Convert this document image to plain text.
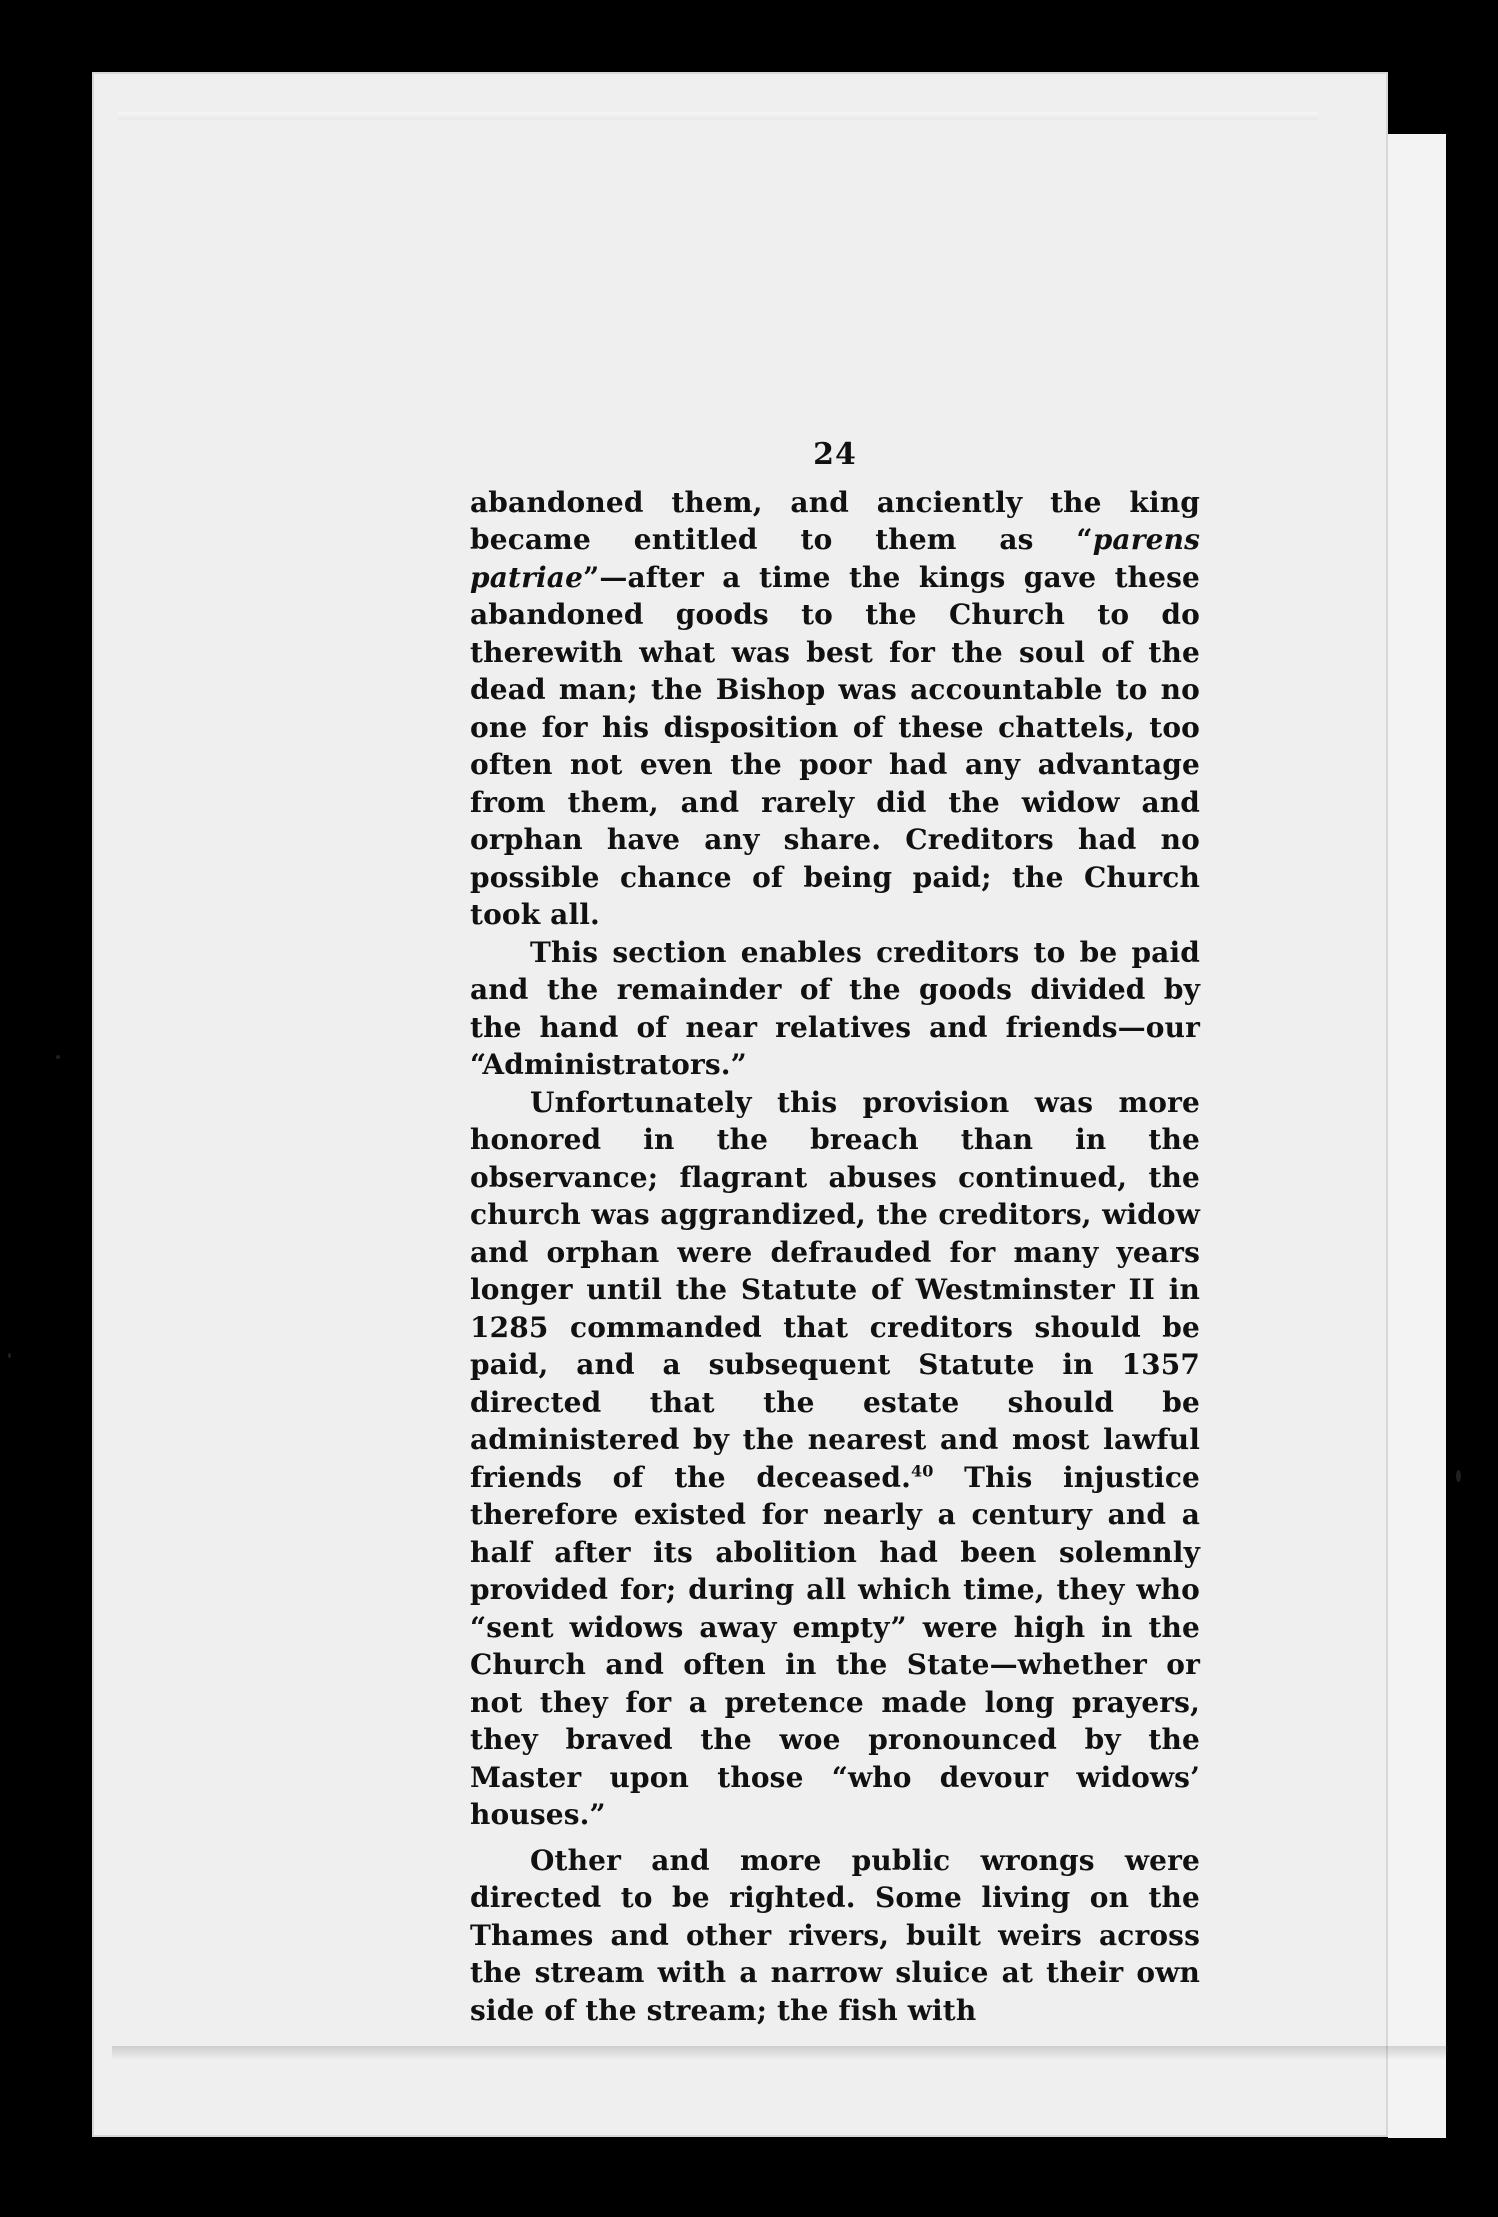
24

abandoned them, and anciently the king became entitled to them as “parens patriae”—after a time the kings gave these abandoned goods to the Church to do therewith what was best for the soul of the dead man; the Bishop was accountable to no one for his disposition of these chattels, too often not even the poor had any advantage from them, and rarely did the widow and orphan have any share. Creditors had no possible chance of being paid; the Church took all.

This section enables creditors to be paid and the remainder of the goods divided by the hand of near relatives and friends—our “Administrators.”

Unfortunately this provision was more honored in the breach than in the observance; flagrant abuses continued, the church was aggrandized, the creditors, widow and orphan were defrauded for many years longer until the Statute of Westminster II in 1285 commanded that creditors should be paid, and a subsequent Statute in 1357 directed that the estate should be administered by the nearest and most lawful friends of the deceased.$^{40}$ This injustice therefore existed for nearly a century and a half after its abolition had been solemnly provided for; during all which time, they who “sent widows away empty” were high in the Church and often in the State—whether or not they for a pretence made long prayers, they braved the woe pronounced by the Master upon those “who devour widows’ houses.”

Other and more public wrongs were directed to be righted. Some living on the Thames and other rivers, built weirs across the stream with a narrow sluice at their own side of the stream; the fish with
